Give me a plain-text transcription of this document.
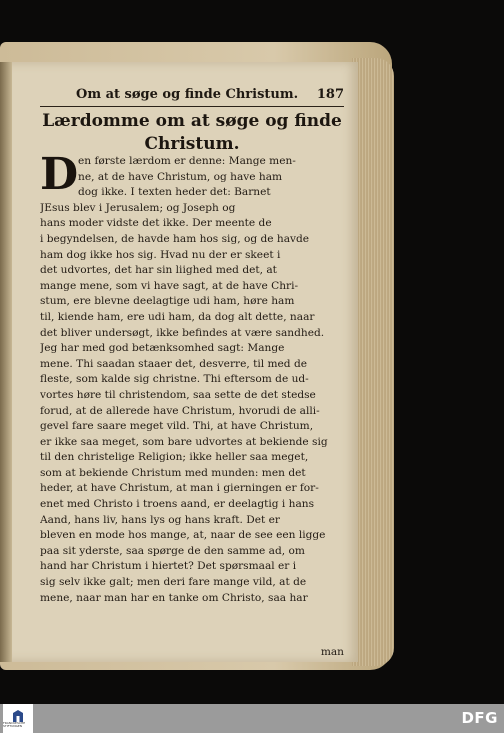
Om at søge og finde Christum. 187
Lærdomme om at søge og finde
Christum.
D en første lærdom er denne: Mange men-
ne, at de have Christum, og have ham
dog ikke. I texten heder det: Barnet
JEsus blev i Jerusalem; og Joseph og
hans moder vidste det ikke. Der meente de
i begyndelsen, de havde ham hos sig, og de havde
ham dog ikke hos sig. Hvad nu der er skeet i
det udvortes, det har sin liighed med det, at
mange mene, som vi have sagt, at de have Chri-
stum, ere blevne deelagtige udi ham, høre ham
til, kiende ham, ere udi ham, da dog alt dette, naar
det bliver undersøgt, ikke befindes at være sandhed.
Jeg har med god betænksomhed sagt: Mange
mene. Thi saadan staaer det, desverre, til med de
fleste, som kalde sig christne. Thi eftersom de ud-
vortes høre til christendom, saa sette de det stedse
forud, at de allerede have Christum, hvorudi de alli-
gevel fare saare meget vild. Thi, at have Christum,
er ikke saa meget, som bare udvortes at bekiende sig
til den christelige Religion; ikke heller saa meget,
som at bekiende Christum med munden: men det
heder, at have Christum, at man i gierningen er for-
enet med Christo i troens aand, er deelagtig i hans
Aand, hans liv, hans lys og hans kraft. Det er
bleven en mode hos mange, at, naar de see een ligge
paa sit yderste, saa spørge de den samme ad, om
hand har Christum i hiertet? Det spørsmaal er i
sig selv ikke galt; men deri fare mange vild, at de
mene, naar man har en tanke om Christo, saa har
man
FRANCKESCHE STIFTUNGEN	DFG
